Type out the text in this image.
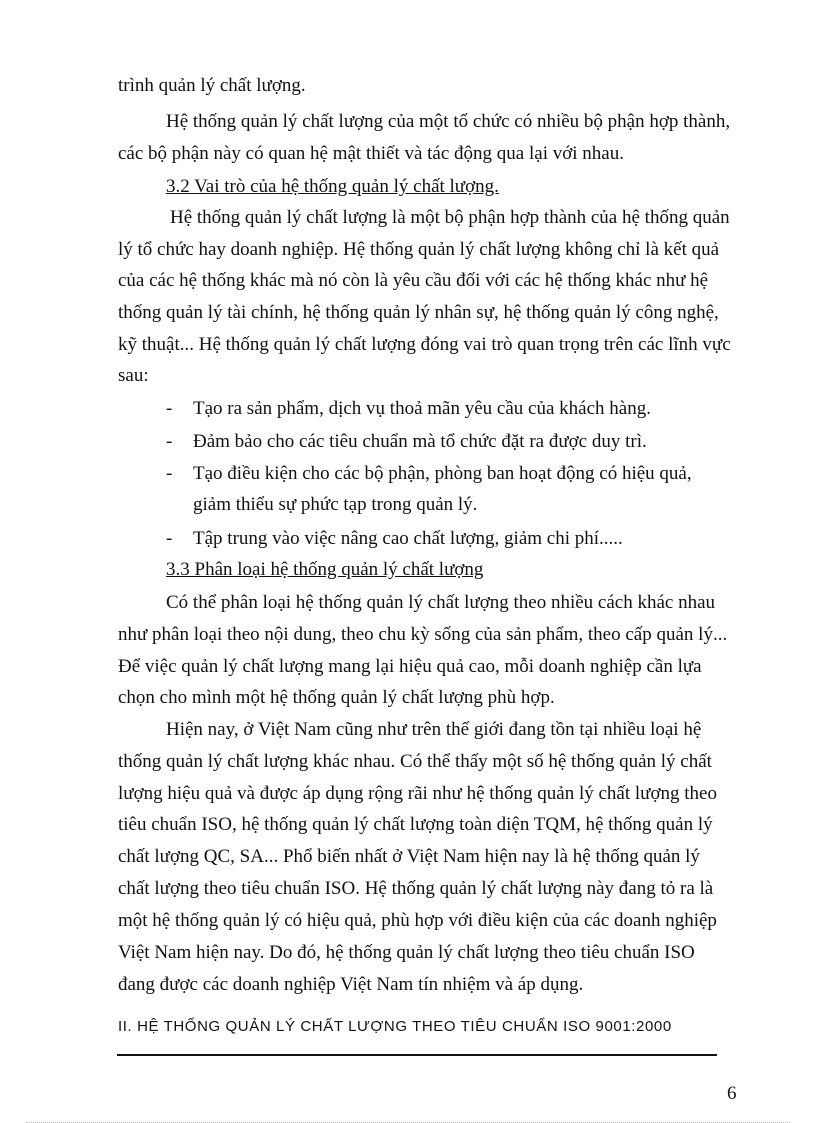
trình quản lý chất lượng.
Hệ thống quản lý chất lượng của một tổ chức có nhiều bộ phận hợp thành,
các bộ phận này có quan hệ mật thiết và tác động qua lại với nhau.
3.2 Vai trò của hệ thống quản lý chất lượng.
Hệ thống quản lý chất lượng là một bộ phận hợp thành của hệ thống quản
lý tổ chức hay doanh nghiệp. Hệ thống quản lý chất lượng không chỉ là kết quả
của các hệ thống khác mà nó còn là yêu cầu đối với các hệ thống khác như hệ
thống quản lý tài chính, hệ thống quản lý nhân sự, hệ thống quản lý công nghệ,
kỹ thuật... Hệ thống quản lý chất lượng đóng vai trò quan trọng trên các lĩnh vực
sau:
- Tạo ra sản phẩm, dịch vụ thoả mãn yêu cầu của khách hàng.
- Đảm bảo cho các tiêu chuẩn mà tổ chức đặt ra được duy trì.
- Tạo điều kiện cho các bộ phận, phòng ban hoạt động có hiệu quả,
giảm thiểu sự phức tạp trong quản lý.
- Tập trung vào việc nâng cao chất lượng, giảm chi phí.....
3.3 Phân loại hệ thống quản lý chất lượng
Có thể phân loại hệ thống quản lý chất lượng theo nhiều cách khác nhau
như phân loại theo nội dung, theo chu kỳ sống của sản phẩm, theo cấp quản lý...
Để việc quản lý chất lượng mang lại hiệu quả cao, mỗi doanh nghiệp cần lựa
chọn cho mình một hệ thống quản lý chất lượng phù hợp.
Hiện nay, ở Việt Nam cũng như trên thế giới đang tồn tại nhiều loại hệ
thống quản lý chất lượng khác nhau. Có thể thấy một số hệ thống quản lý chất
lượng hiệu quả và được áp dụng rộng rãi như hệ thống quản lý chất lượng theo
tiêu chuẩn ISO, hệ thống quản lý chất lượng toàn diện TQM, hệ thống quản lý
chất lượng QC, SA... Phổ biến nhất ở Việt Nam hiện nay là hệ thống quản lý
chất lượng theo tiêu chuẩn ISO. Hệ thống quản lý chất lượng này đang tỏ ra là
một hệ thống quản lý có hiệu quả, phù hợp với điều kiện của các doanh nghiệp
Việt Nam hiện nay. Do đó, hệ thống quản lý chất lượng theo tiêu chuẩn ISO
đang được các doanh nghiệp Việt Nam tín nhiệm và áp dụng.
II. HỆ THỐNG QUẢN LÝ CHẤT LƯỢNG THEO TIÊU CHUẨN ISO 9001:2000
6
